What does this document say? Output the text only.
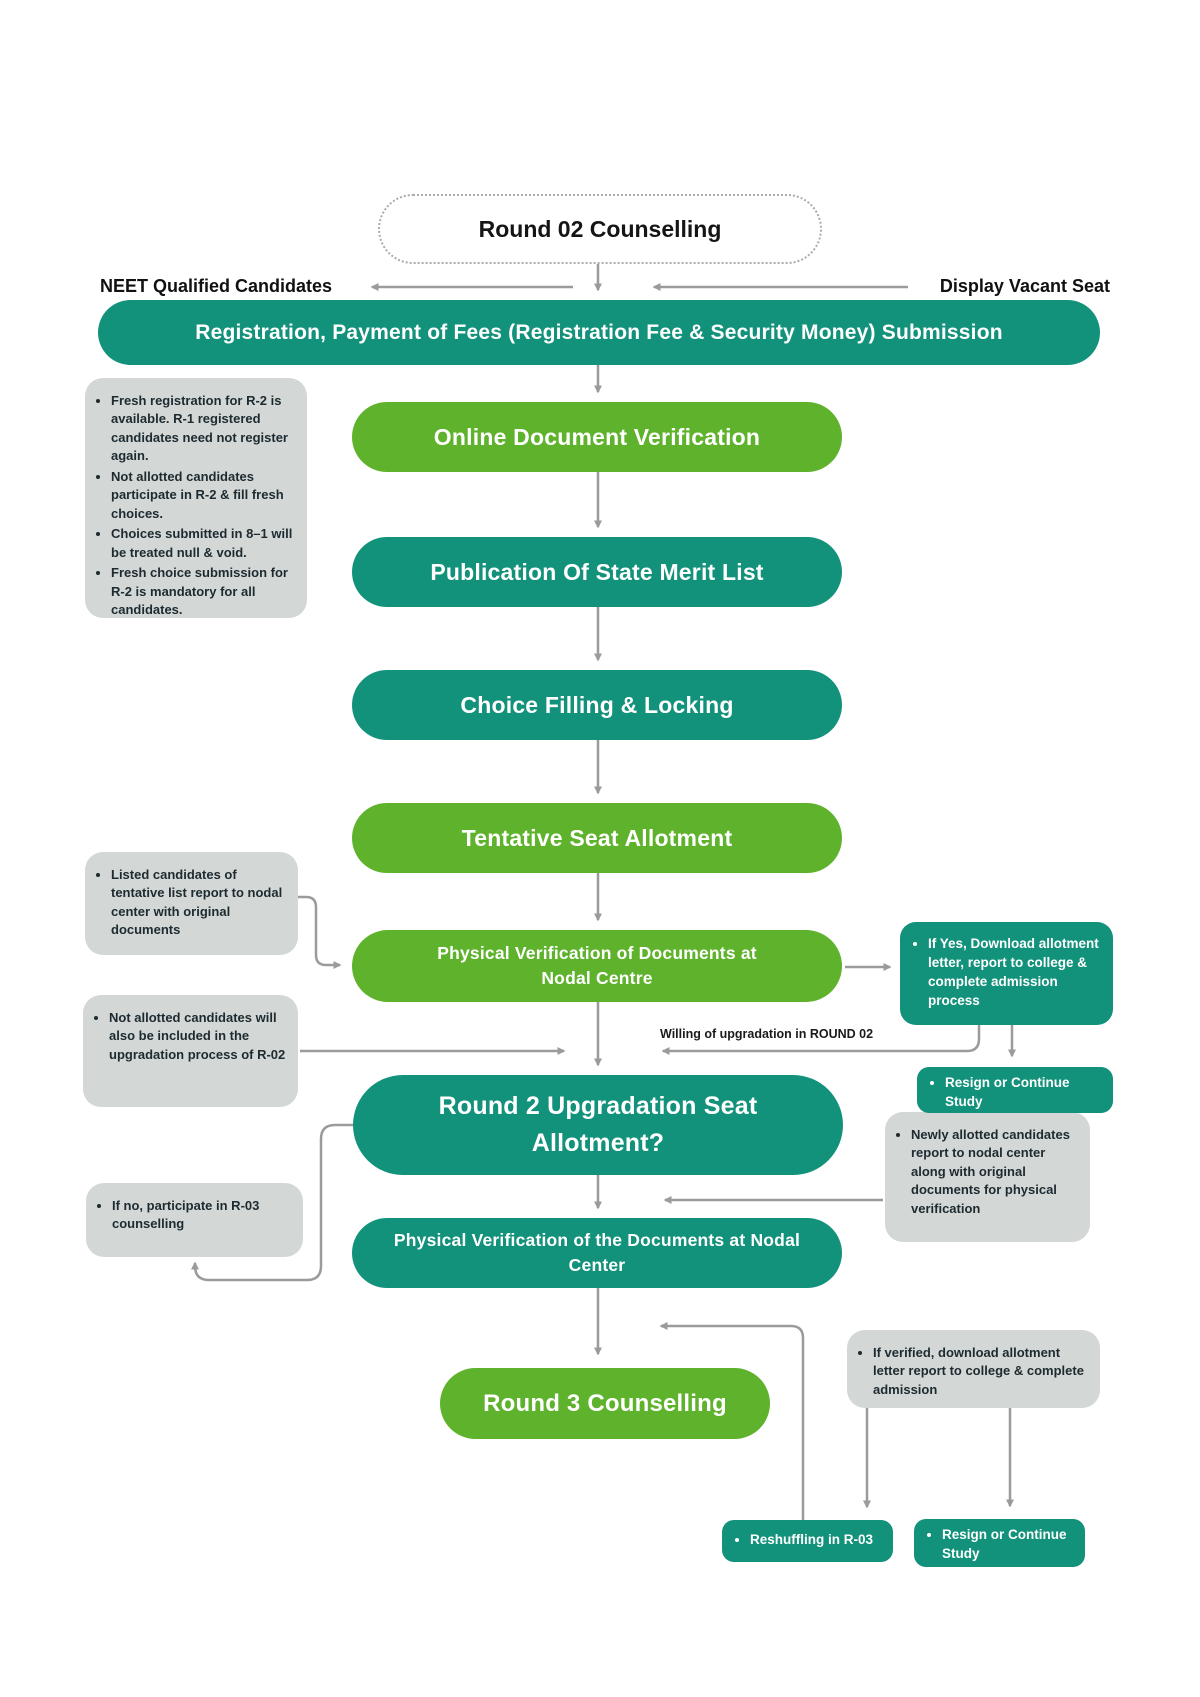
Round 02 Counselling
NEET Qualified Candidates	Display Vacant Seat
Registration, Payment of Fees (Registration Fee & Security Money) Submission
Online Document Verification
Publication Of State Merit List
Choice Filling & Locking
Tentative Seat Allotment
Physical Verification of Documents at Nodal Centre
Round 2 Upgradation Seat Allotment?
Physical Verification of the Documents at Nodal Center
Round 3 Counselling
• Fresh registration for R-2 is available. R-1 registered candidates need not register again.
• Not allotted candidates participate in R-2 & fill fresh choices.
• Choices submitted in 8–1 will be treated null & void.
• Fresh choice submission for R-2 is mandatory for all candidates.
• Listed candidates of tentative list report to nodal center with original documents
• Not allotted candidates will also be included in the upgradation process of R-02
• If no, participate in R-03 counselling
• Newly allotted candidates report to nodal center along with original documents for physical verification
• If verified, download allotment letter report to college & complete admission
• If Yes, Download allotment letter, report to college & complete admission process
• Resign or Continue Study
• Reshuffling in R-03	• Resign or Continue Study
Willing of upgradation in ROUND 02
